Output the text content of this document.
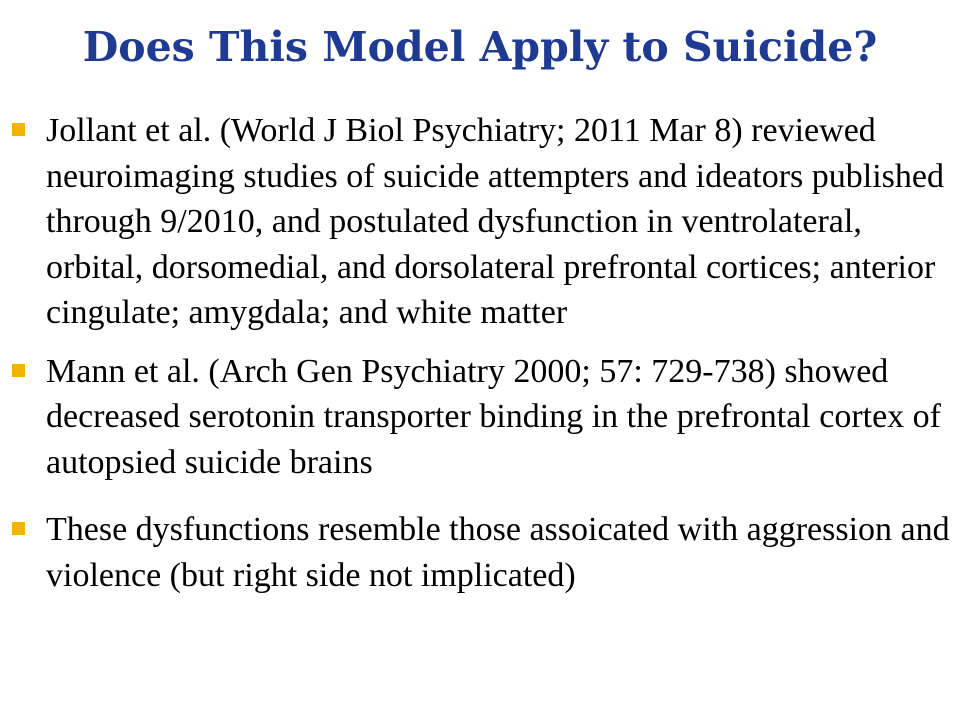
Does This Model Apply to Suicide?
Jollant et al. (World J Biol Psychiatry; 2011 Mar 8) reviewed neuroimaging studies of suicide attempters and ideators published through 9/2010, and postulated dysfunction in ventrolateral, orbital, dorsomedial, and dorsolateral prefrontal cortices; anterior cingulate; amygdala; and white matter
Mann et al. (Arch Gen Psychiatry 2000; 57: 729-738) showed decreased serotonin transporter binding in the prefrontal cortex of autopsied suicide brains
These dysfunctions resemble those assoicated with aggression and violence (but right side not implicated)
